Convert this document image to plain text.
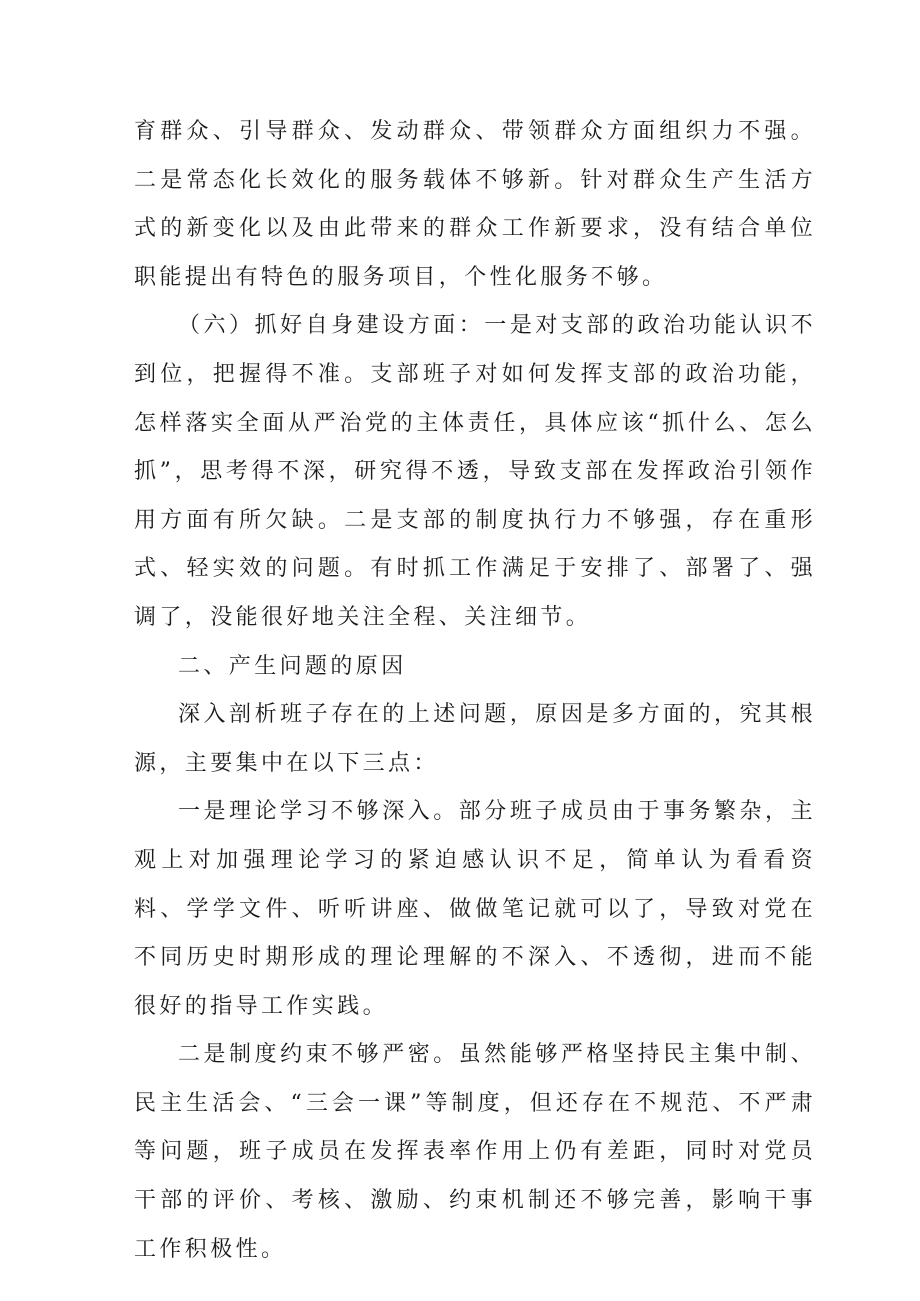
育群众、引导群众、发动群众、带领群众方面组织力不强。二是常态化长效化的服务载体不够新。针对群众生产生活方式的新变化以及由此带来的群众工作新要求，没有结合单位职能提出有特色的服务项目，个性化服务不够。

（六）抓好自身建设方面：一是对支部的政治功能认识不到位，把握得不准。支部班子对如何发挥支部的政治功能，怎样落实全面从严治党的主体责任，具体应该“抓什么、怎么抓”，思考得不深，研究得不透，导致支部在发挥政治引领作用方面有所欠缺。二是支部的制度执行力不够强，存在重形式、轻实效的问题。有时抓工作满足于安排了、部署了、强调了，没能很好地关注全程、关注细节。

二、产生问题的原因

深入剖析班子存在的上述问题，原因是多方面的，究其根源，主要集中在以下三点：

一是理论学习不够深入。部分班子成员由于事务繁杂，主观上对加强理论学习的紧迫感认识不足，简单认为看看资料、学学文件、听听讲座、做做笔记就可以了，导致对党在不同历史时期形成的理论理解的不深入、不透彻，进而不能很好的指导工作实践。

二是制度约束不够严密。虽然能够严格坚持民主集中制、民主生活会、“三会一课”等制度，但还存在不规范、不严肃等问题，班子成员在发挥表率作用上仍有差距，同时对党员干部的评价、考核、激励、约束机制还不够完善，影响干事工作积极性。
